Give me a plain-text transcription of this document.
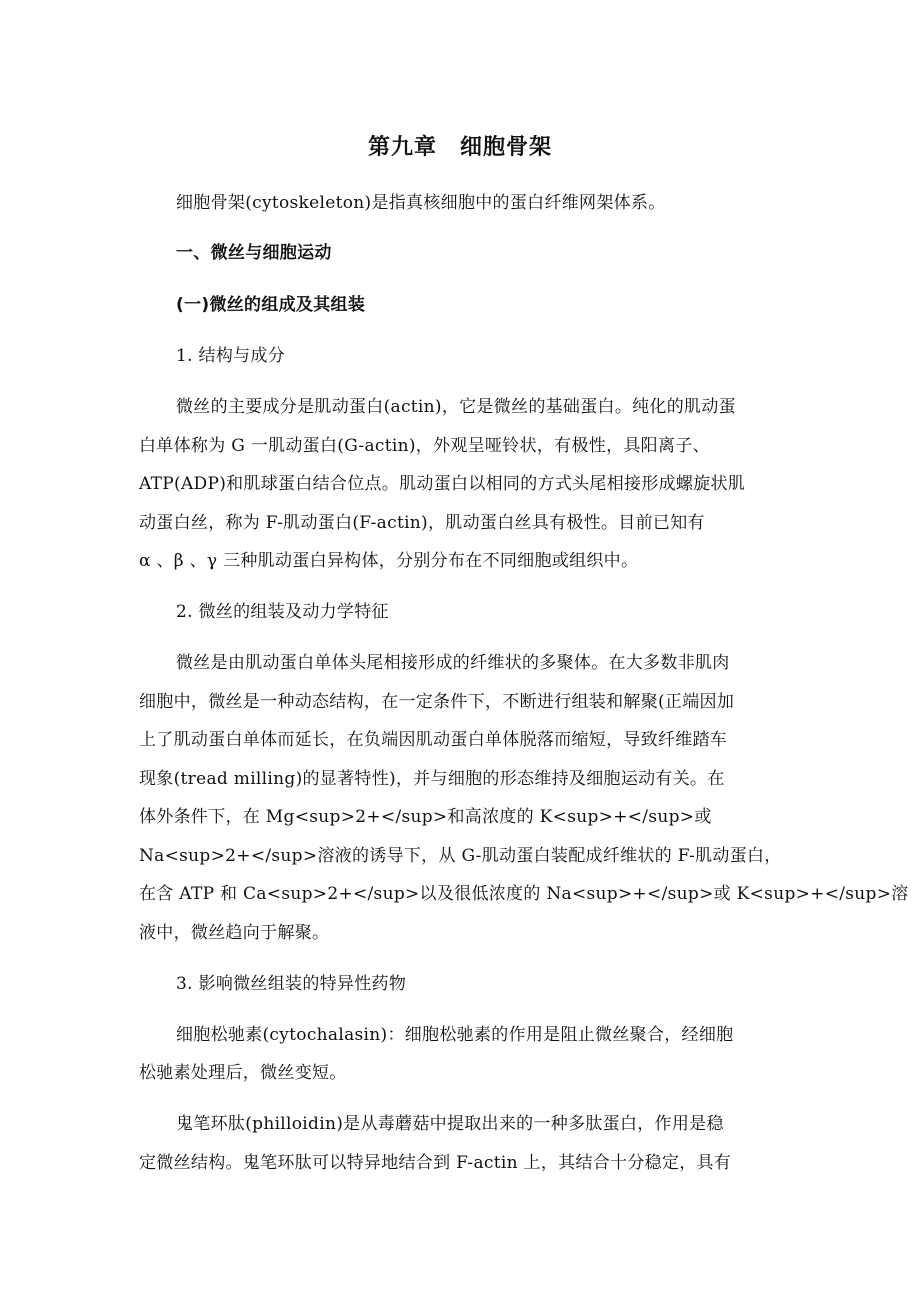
第九章　细胞骨架
细胞骨架(cytoskeleton)是指真核细胞中的蛋白纤维网架体系。
一、微丝与细胞运动
(一)微丝的组成及其组装
1. 结构与成分
微丝的主要成分是肌动蛋白(actin)，它是微丝的基础蛋白。纯化的肌动蛋
白单体称为 G 一肌动蛋白(G-actin)，外观呈哑铃状，有极性，具阳离子、
ATP(ADP)和肌球蛋白结合位点。肌动蛋白以相同的方式头尾相接形成螺旋状肌
动蛋白丝，称为 F-肌动蛋白(F-actin)，肌动蛋白丝具有极性。目前已知有
α 、β 、γ 三种肌动蛋白异构体，分别分布在不同细胞或组织中。
2. 微丝的组装及动力学特征
微丝是由肌动蛋白单体头尾相接形成的纤维状的多聚体。在大多数非肌肉
细胞中，微丝是一种动态结构，在一定条件下，不断进行组装和解聚(正端因加
上了肌动蛋白单体而延长，在负端因肌动蛋白单体脱落而缩短，导致纤维踏车
现象(tread milling)的显著特性)，并与细胞的形态维持及细胞运动有关。在
体外条件下，在 Mg<sup>2+</sup>和高浓度的 K<sup>+</sup>或
Na<sup>2+</sup>溶液的诱导下，从 G-肌动蛋白装配成纤维状的 F-肌动蛋白，
在含 ATP 和 Ca<sup>2+</sup>以及很低浓度的 Na<sup>+</sup>或 K<sup>+</sup>溶
液中，微丝趋向于解聚。
3. 影响微丝组装的特异性药物
细胞松驰素(cytochalasin)：细胞松驰素的作用是阻止微丝聚合，经细胞
松驰素处理后，微丝变短。
鬼笔环肽(philloidin)是从毒蘑菇中提取出来的一种多肽蛋白，作用是稳
定微丝结构。鬼笔环肽可以特异地结合到 F-actin 上，其结合十分稳定，具有
